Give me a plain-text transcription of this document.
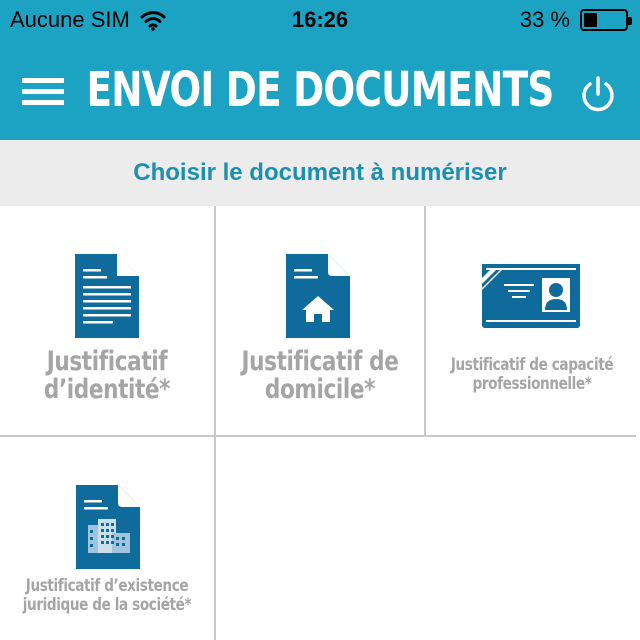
Aucune SIM	16:26	33 %
ENVOI DE DOCUMENTS
Choisir le document à numériser
Justificatif
d’identité*
Justificatif de
domicile*
Justificatif de capacité
professionnelle*
Justificatif d’existence
juridique de la société*
